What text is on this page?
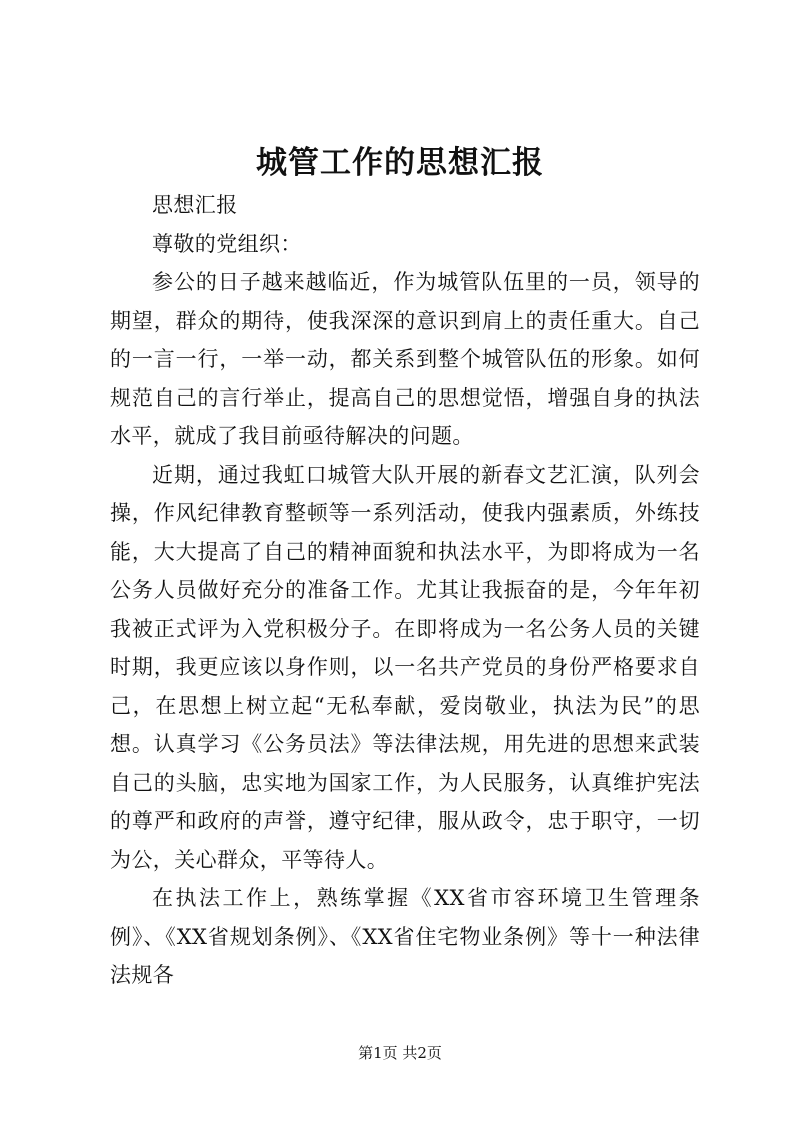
城管工作的思想汇报

思想汇报

尊敬的党组织：

参公的日子越来越临近，作为城管队伍里的一员，领导的期望，群众的期待，使我深深的意识到肩上的责任重大。自己的一言一行，一举一动，都关系到整个城管队伍的形象。如何规范自己的言行举止，提高自己的思想觉悟，增强自身的执法水平，就成了我目前亟待解决的问题。

近期，通过我虹口城管大队开展的新春文艺汇演，队列会操，作风纪律教育整顿等一系列活动，使我内强素质，外练技能，大大提高了自己的精神面貌和执法水平，为即将成为一名公务人员做好充分的准备工作。尤其让我振奋的是，今年年初我被正式评为入党积极分子。在即将成为一名公务人员的关键时期，我更应该以身作则，以一名共产党员的身份严格要求自己，在思想上树立起“无私奉献，爱岗敬业，执法为民”的思想。认真学习《公务员法》等法律法规，用先进的思想来武装自己的头脑，忠实地为国家工作，为人民服务，认真维护宪法的尊严和政府的声誉，遵守纪律，服从政令，忠于职守，一切为公，关心群众，平等待人。

在执法工作上，熟练掌握《XX省市容环境卫生管理条例》、《XX省规划条例》、《XX省住宅物业条例》等十一种法律法规各

第1页 共2页
